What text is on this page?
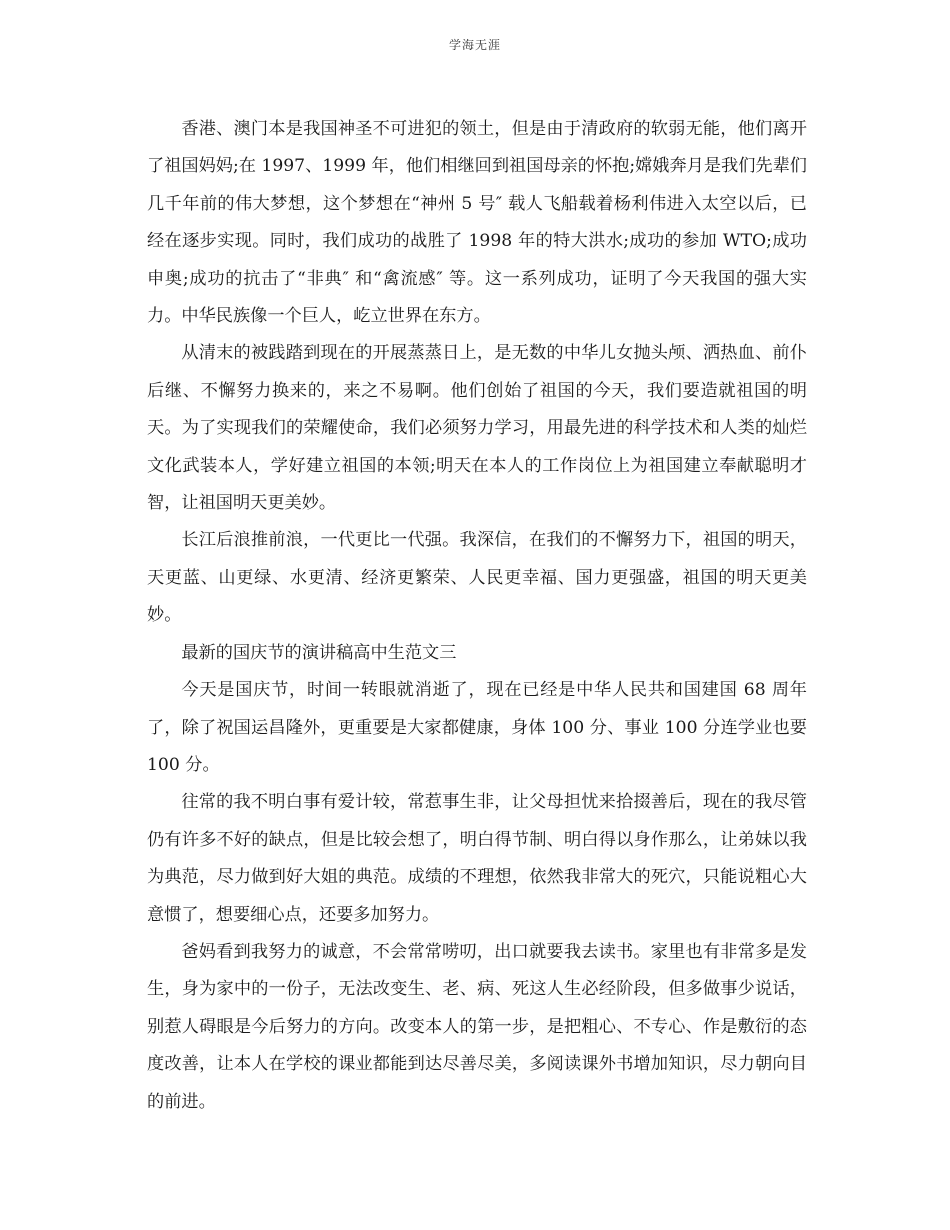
学海无涯

香港、澳门本是我国神圣不可进犯的领土，但是由于清政府的软弱无能，他们离开了祖国妈妈;在 1997、1999 年，他们相继回到祖国母亲的怀抱;嫦娥奔月是我们先辈们几千年前的伟大梦想，这个梦想在“神州 5 号″ 载人飞船载着杨利伟进入太空以后，已经在逐步实现。同时，我们成功的战胜了 1998 年的特大洪水;成功的参加 WTO;成功申奥;成功的抗击了“非典″ 和“禽流感″ 等。这一系列成功，证明了今天我国的强大实力。中华民族像一个巨人，屹立世界在东方。

从清末的被践踏到现在的开展蒸蒸日上，是无数的中华儿女抛头颅、洒热血、前仆后继、不懈努力换来的，来之不易啊。他们创始了祖国的今天，我们要造就祖国的明天。为了实现我们的荣耀使命，我们必须努力学习，用最先进的科学技术和人类的灿烂文化武装本人，学好建立祖国的本领;明天在本人的工作岗位上为祖国建立奉献聪明才智，让祖国明天更美妙。

长江后浪推前浪，一代更比一代强。我深信，在我们的不懈努力下，祖国的明天，天更蓝、山更绿、水更清、经济更繁荣、人民更幸福、国力更强盛，祖国的明天更美妙。

最新的国庆节的演讲稿高中生范文三

今天是国庆节，时间一转眼就消逝了，现在已经是中华人民共和国建国 68 周年了，除了祝国运昌隆外，更重要是大家都健康，身体 100 分、事业 100 分连学业也要 100 分。

往常的我不明白事有爱计较，常惹事生非，让父母担忧来拾掇善后，现在的我尽管仍有许多不好的缺点，但是比较会想了，明白得节制、明白得以身作那么，让弟妹以我为典范，尽力做到好大姐的典范。成绩的不理想，依然我非常大的死穴，只能说粗心大意惯了，想要细心点，还要多加努力。

爸妈看到我努力的诚意，不会常常唠叨，出口就要我去读书。家里也有非常多是发生，身为家中的一份子，无法改变生、老、病、死这人生必经阶段，但多做事少说话，别惹人碍眼是今后努力的方向。改变本人的第一步，是把粗心、不专心、作是敷衍的态度改善，让本人在学校的课业都能到达尽善尽美，多阅读课外书增加知识，尽力朝向目的前进。
